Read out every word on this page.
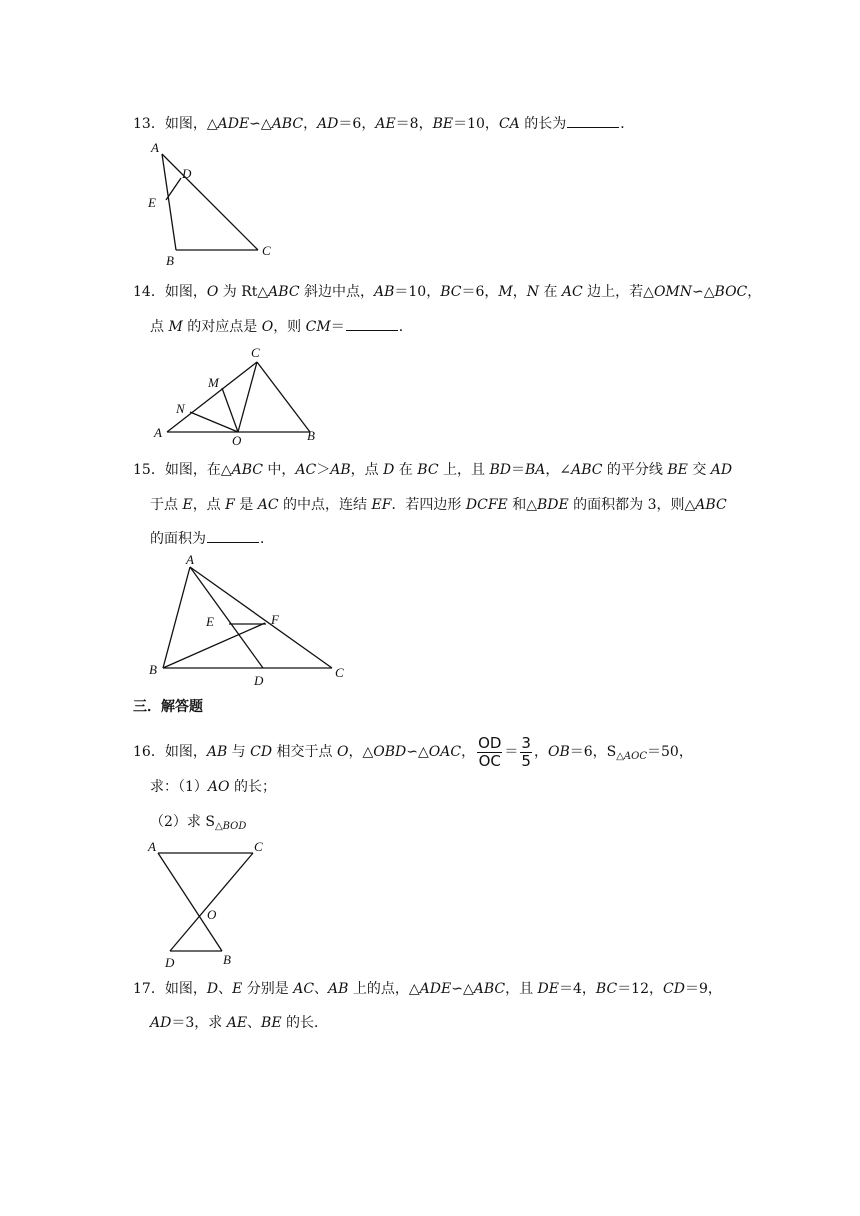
13．如图，△ADE∽△ABC，AD＝6，AE＝8，BE＝10，CA 的长为	．
A
D
E
B
C
C
M
N
A
O	B
A
E	F
B
D
C
A	C
O
D	B
14．如图，O 为 Rt△ABC 斜边中点，AB＝10，BC＝6，M，N 在 AC 边上，若△OMN∽△BOC，
点 M 的对应点是 O，则 CM＝	．
15．如图，在△ABC 中，AC＞AB，点 D 在 BC 上，且 BD＝BA，∠ABC 的平分线 BE 交 AD
于点 E，点 F 是 AC 的中点，连结 EF．若四边形 DCFE 和△BDE 的面积都为 3，则△ABC
的面积为	．
三．解答题
16．如图，AB 与 CD 相交于点 O，△OBD∽△OAC， $\frac{OD}{OC} = \frac{3}{5}$ ，OB＝6，$S_{\triangle AOC}=50$，
求：（1）AO 的长；
（2）求 $S_{\triangle BOD}$
17．如图，D、E 分别是 AC、AB 上的点，△ADE∽△ABC，且 DE＝4，BC＝12，CD＝9，
AD＝3，求 AE、BE 的长．
